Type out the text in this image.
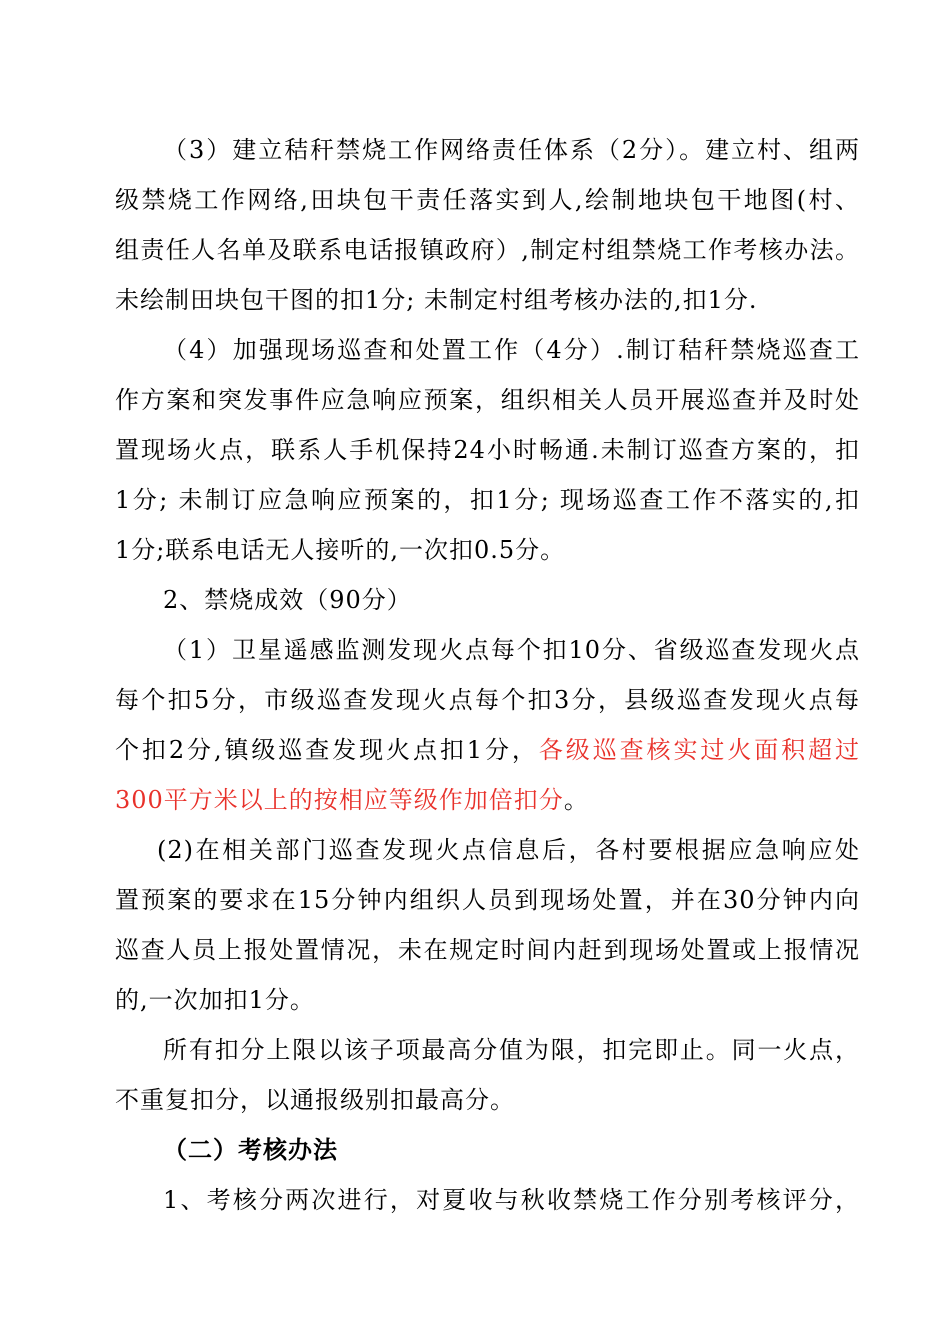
（3）建立秸秆禁烧工作网络责任体系（2分）。建立村、组两
级禁烧工作网络,田块包干责任落实到人,绘制地块包干地图(村、
组责任人名单及联系电话报镇政府）,制定村组禁烧工作考核办法。
未绘制田块包干图的扣1分; 未制定村组考核办法的,扣1分.
（4）加强现场巡查和处置工作（4分）.制订秸秆禁烧巡查工
作方案和突发事件应急响应预案，组织相关人员开展巡查并及时处
置现场火点，联系人手机保持24小时畅通.未制订巡查方案的，扣
1分; 未制订应急响应预案的，扣1分; 现场巡查工作不落实的,扣
1分;联系电话无人接听的,一次扣0.5分。
2、禁烧成效（90分）
（1）卫星遥感监测发现火点每个扣10分、省级巡查发现火点
每个扣5分，市级巡查发现火点每个扣3分，县级巡查发现火点每
个扣2分,镇级巡查发现火点扣1分，各级巡查核实过火面积超过
300平方米以上的按相应等级作加倍扣分。
(2)在相关部门巡查发现火点信息后，各村要根据应急响应处
置预案的要求在15分钟内组织人员到现场处置，并在30分钟内向
巡查人员上报处置情况，未在规定时间内赶到现场处置或上报情况
的,一次加扣1分。
所有扣分上限以该子项最高分值为限，扣完即止。同一火点，
不重复扣分，以通报级别扣最高分。
（二）考核办法
1、考核分两次进行，对夏收与秋收禁烧工作分别考核评分，
